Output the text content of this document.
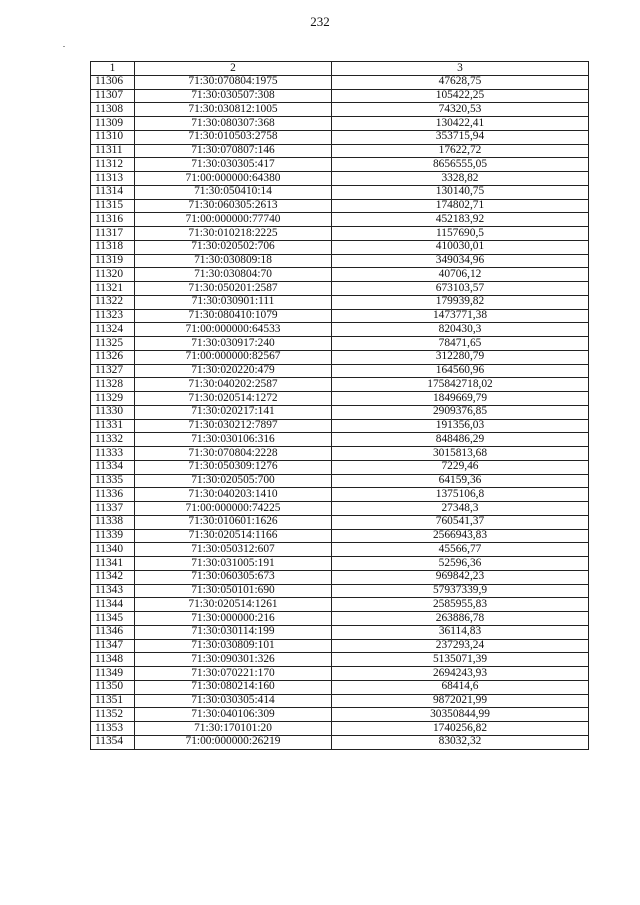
232
1	2	3
11306	71:30:070804:1975	47628,75
11307	71:30:030507:308	105422,25
11308	71:30:030812:1005	74320,53
11309	71:30:080307:368	130422,41
11310	71:30:010503:2758	353715,94
11311	71:30:070807:146	17622,72
11312	71:30:030305:417	8656555,05
11313	71:00:000000:64380	3328,82
11314	71:30:050410:14	130140,75
11315	71:30:060305:2613	174802,71
11316	71:00:000000:77740	452183,92
11317	71:30:010218:2225	1157690,5
11318	71:30:020502:706	410030,01
11319	71:30:030809:18	349034,96
11320	71:30:030804:70	40706,12
11321	71:30:050201:2587	673103,57
11322	71:30:030901:111	179939,82
11323	71:30:080410:1079	1473771,38
11324	71:00:000000:64533	820430,3
11325	71:30:030917:240	78471,65
11326	71:00:000000:82567	312280,79
11327	71:30:020220:479	164560,96
11328	71:30:040202:2587	175842718,02
11329	71:30:020514:1272	1849669,79
11330	71:30:020217:141	2909376,85
11331	71:30:030212:7897	191356,03
11332	71:30:030106:316	848486,29
11333	71:30:070804:2228	3015813,68
11334	71:30:050309:1276	7229,46
11335	71:30:020505:700	64159,36
11336	71:30:040203:1410	1375106,8
11337	71:00:000000:74225	27348,3
11338	71:30:010601:1626	760541,37
11339	71:30:020514:1166	2566943,83
11340	71:30:050312:607	45566,77
11341	71:30:031005:191	52596,36
11342	71:30:060305:673	969842,23
11343	71:30:050101:690	57937339,9
11344	71:30:020514:1261	2585955,83
11345	71:30:000000:216	263886,78
11346	71:30:030114:199	36114,83
11347	71:30:030809:101	237293,24
11348	71:30:090301:326	5135071,39
11349	71:30:070221:170	2694243,93
11350	71:30:080214:160	68414,6
11351	71:30:030305:414	9872021,99
11352	71:30:040106:309	30350844,99
11353	71:30:170101:20	1740256,82
11354	71:00:000000:26219	83032,32
